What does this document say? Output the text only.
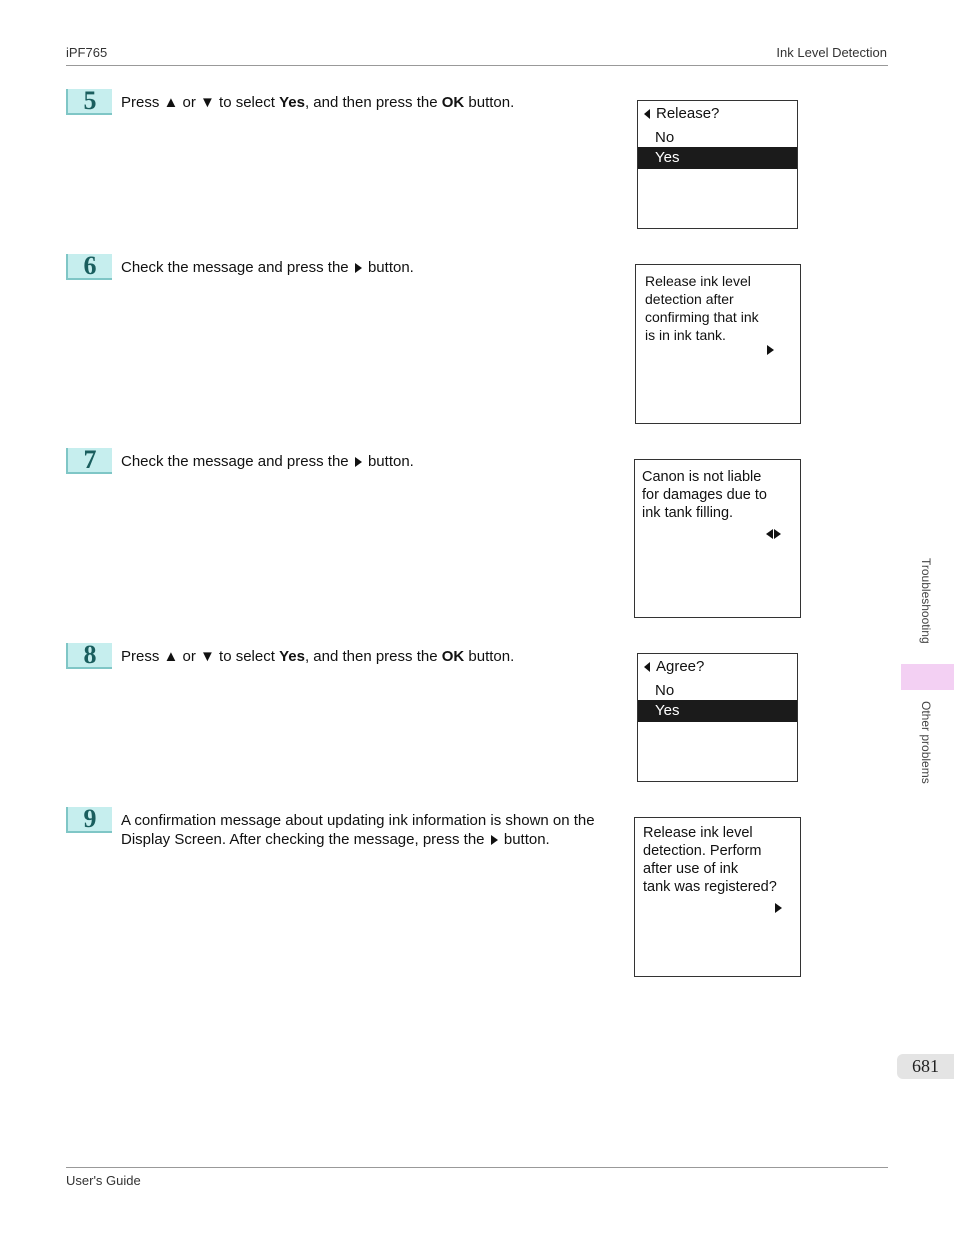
iPF765	Ink Level Detection
5	Press ▲ or ▼ to select Yes, and then press the OK button.
Release?
No
Yes
6	Check the message and press the  button.
Release ink level
detection after
confirming that ink
is in ink tank.
7	Check the message and press the  button.
Canon is not liable
for damages due to
ink tank filling.
8	Press ▲ or ▼ to select Yes, and then press the OK button.
Agree?
No
Yes
9	A confirmation message about updating ink information is shown on the Display Screen. After checking the message, press the  button.	Release ink level
detection. Perform
after use of ink
tank was registered?
Troubleshooting
Other problems
681
User's Guide
